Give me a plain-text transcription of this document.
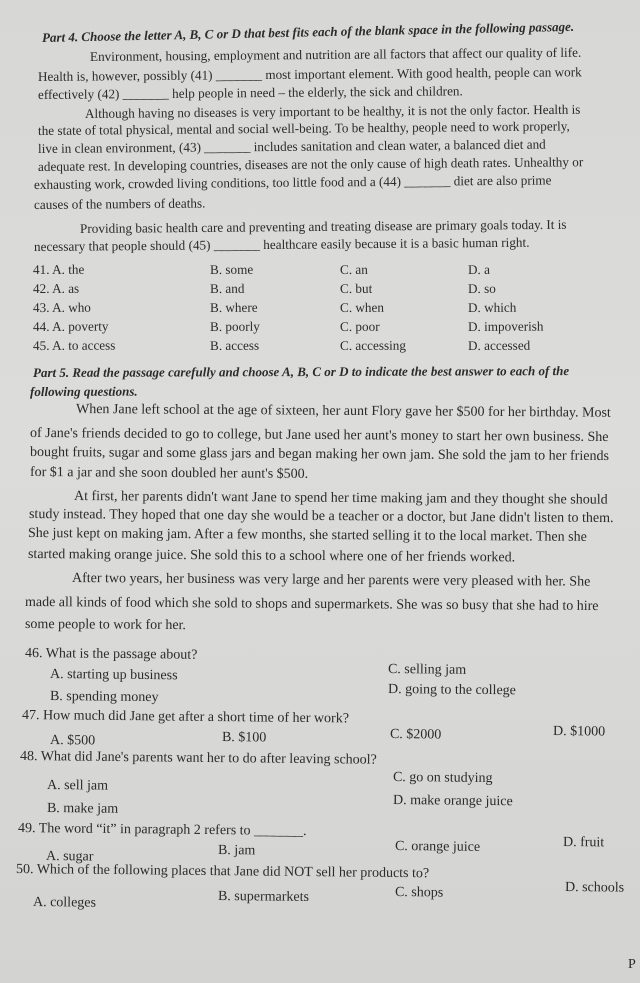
Part 4. Choose the letter A, B, C or D that best fits each of the blank space in the following passage.
Environment, housing, employment and nutrition are all factors that affect our quality of life.
Health is, however, possibly (41) _______ most important element. With good health, people can work
effectively (42) _______ help people in need – the elderly, the sick and children.
Although having no diseases is very important to be healthy, it is not the only factor. Health is
the state of total physical, mental and social well-being. To be healthy, people need to work properly,
live in clean environment, (43) _______ includes sanitation and clean water, a balanced diet and
adequate rest. In developing countries, diseases are not the only cause of high death rates. Unhealthy or
exhausting work, crowded living conditions, too little food and a (44) _______ diet are also prime
causes of the numbers of deaths.
Providing basic health care and preventing and treating disease are primary goals today. It is
necessary that people should (45) _______ healthcare easily because it is a basic human right.
41. A. the	B. some	C. an	D. a
42. A. as	B. and	C. but	D. so
43. A. who	B. where	C. when	D. which
44. A. poverty	B. poorly	C. poor	D. impoverish
45. A. to access	B. access	C. accessing	D. accessed
Part 5. Read the passage carefully and choose A, B, C or D to indicate the best answer to each of the
following questions.
When Jane left school at the age of sixteen, her aunt Flory gave her $500 for her birthday. Most
of Jane's friends decided to go to college, but Jane used her aunt's money to start her own business. She
bought fruits, sugar and some glass jars and began making her own jam. She sold the jam to her friends
for $1 a jar and she soon doubled her aunt's $500.
At first, her parents didn't want Jane to spend her time making jam and they thought she should
study instead. They hoped that one day she would be a teacher or a doctor, but Jane didn't listen to them.
She just kept on making jam. After a few months, she started selling it to the local market. Then she
started making orange juice. She sold this to a school where one of her friends worked.
After two years, her business was very large and her parents were very pleased with her. She
made all kinds of food which she sold to shops and supermarkets. She was so busy that she had to hire
some people to work for her.
46. What is the passage about?
A. starting up business
B. spending money
C. selling jam
D. going to the college
47. How much did Jane get after a short time of her work?
A. $500	B. $100	C. $2000	D. $1000
48. What did Jane's parents want her to do after leaving school?
A. sell jam
B. make jam
C. go on studying
D. make orange juice
49. The word “it” in paragraph 2 refers to _______.
A. sugar	B. jam	C. orange juice	D. fruit
50. Which of the following places that Jane did NOT sell her products to?
A. colleges	B. supermarkets	C. shops	D. schools
P
